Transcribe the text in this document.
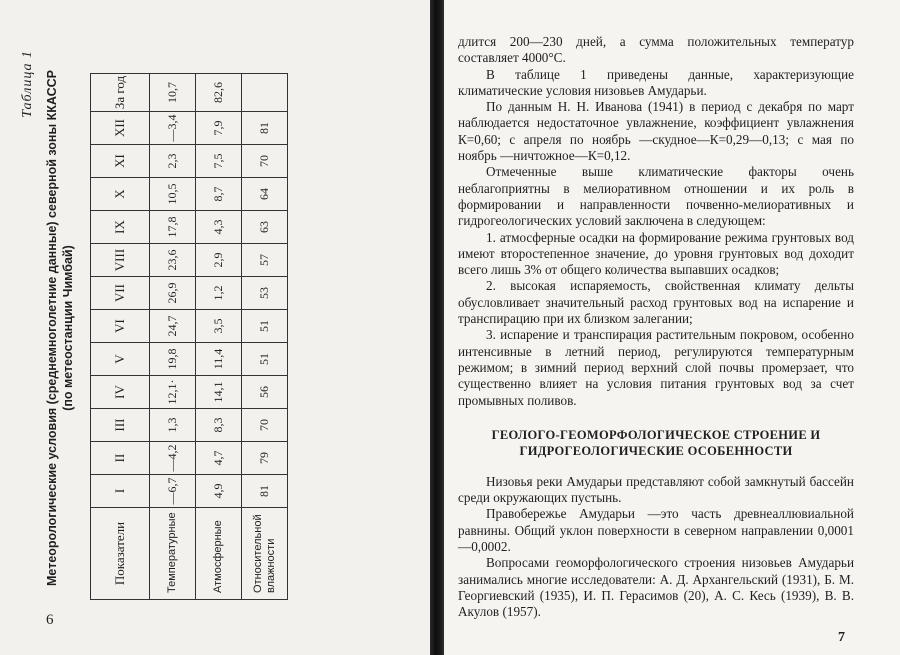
Таблица 1 Метеорологические условия (среднемноголетние данные) северной зоны ККАССР (по метеостанции Чимбай)
Показатели	I	II	III	IV	V	VI	VII	VIII	IX	X	XI	XII	За год
Температурные	—6,7	—4,2	1,3	12,1·	19,8	24,7	26,9	23,6	17,8	10,5	2,3	—3,4	10,7
Атмосферные	4,9	4,7	8,3	14,1	11,4	3,5	1,2	2,9	4,3	8,7	7,5	7,9	82,6
Относительной влажности	81	79	70	56	51	51	53	57	63	64	70	81	
6

длится 200—230 дней, а сумма положительных температур составляет 4000°С.

В таблице 1 приведены данные, характеризующие климатические условия низовьев Амударьи.

По данным Н. Н. Иванова (1941) в период с декабря по март наблюдается недостаточное увлажнение, коэффициент увлажнения К=0,60; с апреля по ноябрь —скудное—К=0,29—0,13; с мая по ноябрь —ничтожное—К=0,12.

Отмеченные выше климатические факторы очень неблагоприятны в мелиоративном отношении и их роль в формировании и направленности почвенно-мелиоративных и гидрогеологических условий заключена в следующем:

1. атмосферные осадки на формирование режима грунтовых вод имеют второстепенное значение, до уровня грунтовых вод доходит всего лишь 3% от общего количества выпавших осадков;
2. высокая испаряемость, свойственная климату дельты обусловливает значительный расход грунтовых вод на испарение и транспирацию при их близком залегании;
3. испарение и транспирация растительным покровом, особенно интенсивные в летний период, регулируются температурным режимом; в зимний период верхний слой почвы промерзает, что существенно влияет на условия питания грунтовых вод за счет промывных поливов.
ГЕОЛОГО-ГЕОМОРФОЛОГИЧЕСКОЕ СТРОЕНИЕ И ГИДРОГЕОЛОГИЧЕСКИЕ ОСОБЕННОСТИ

Низовья реки Амударьи представляют собой замкнутый бассейн среди окружающих пустынь.

Правобережье Амударьи —это часть древнеаллювиальной равнины. Общий уклон поверхности в северном направлении 0,0001—0,0002.

Вопросами геоморфологического строения низовьев Амударьи занимались многие исследователи: А. Д. Архангельский (1931), Б. М. Георгиевский (1935), И. П. Герасимов (20), А. С. Кесь (1939), В. В. Акулов (1957).

7
